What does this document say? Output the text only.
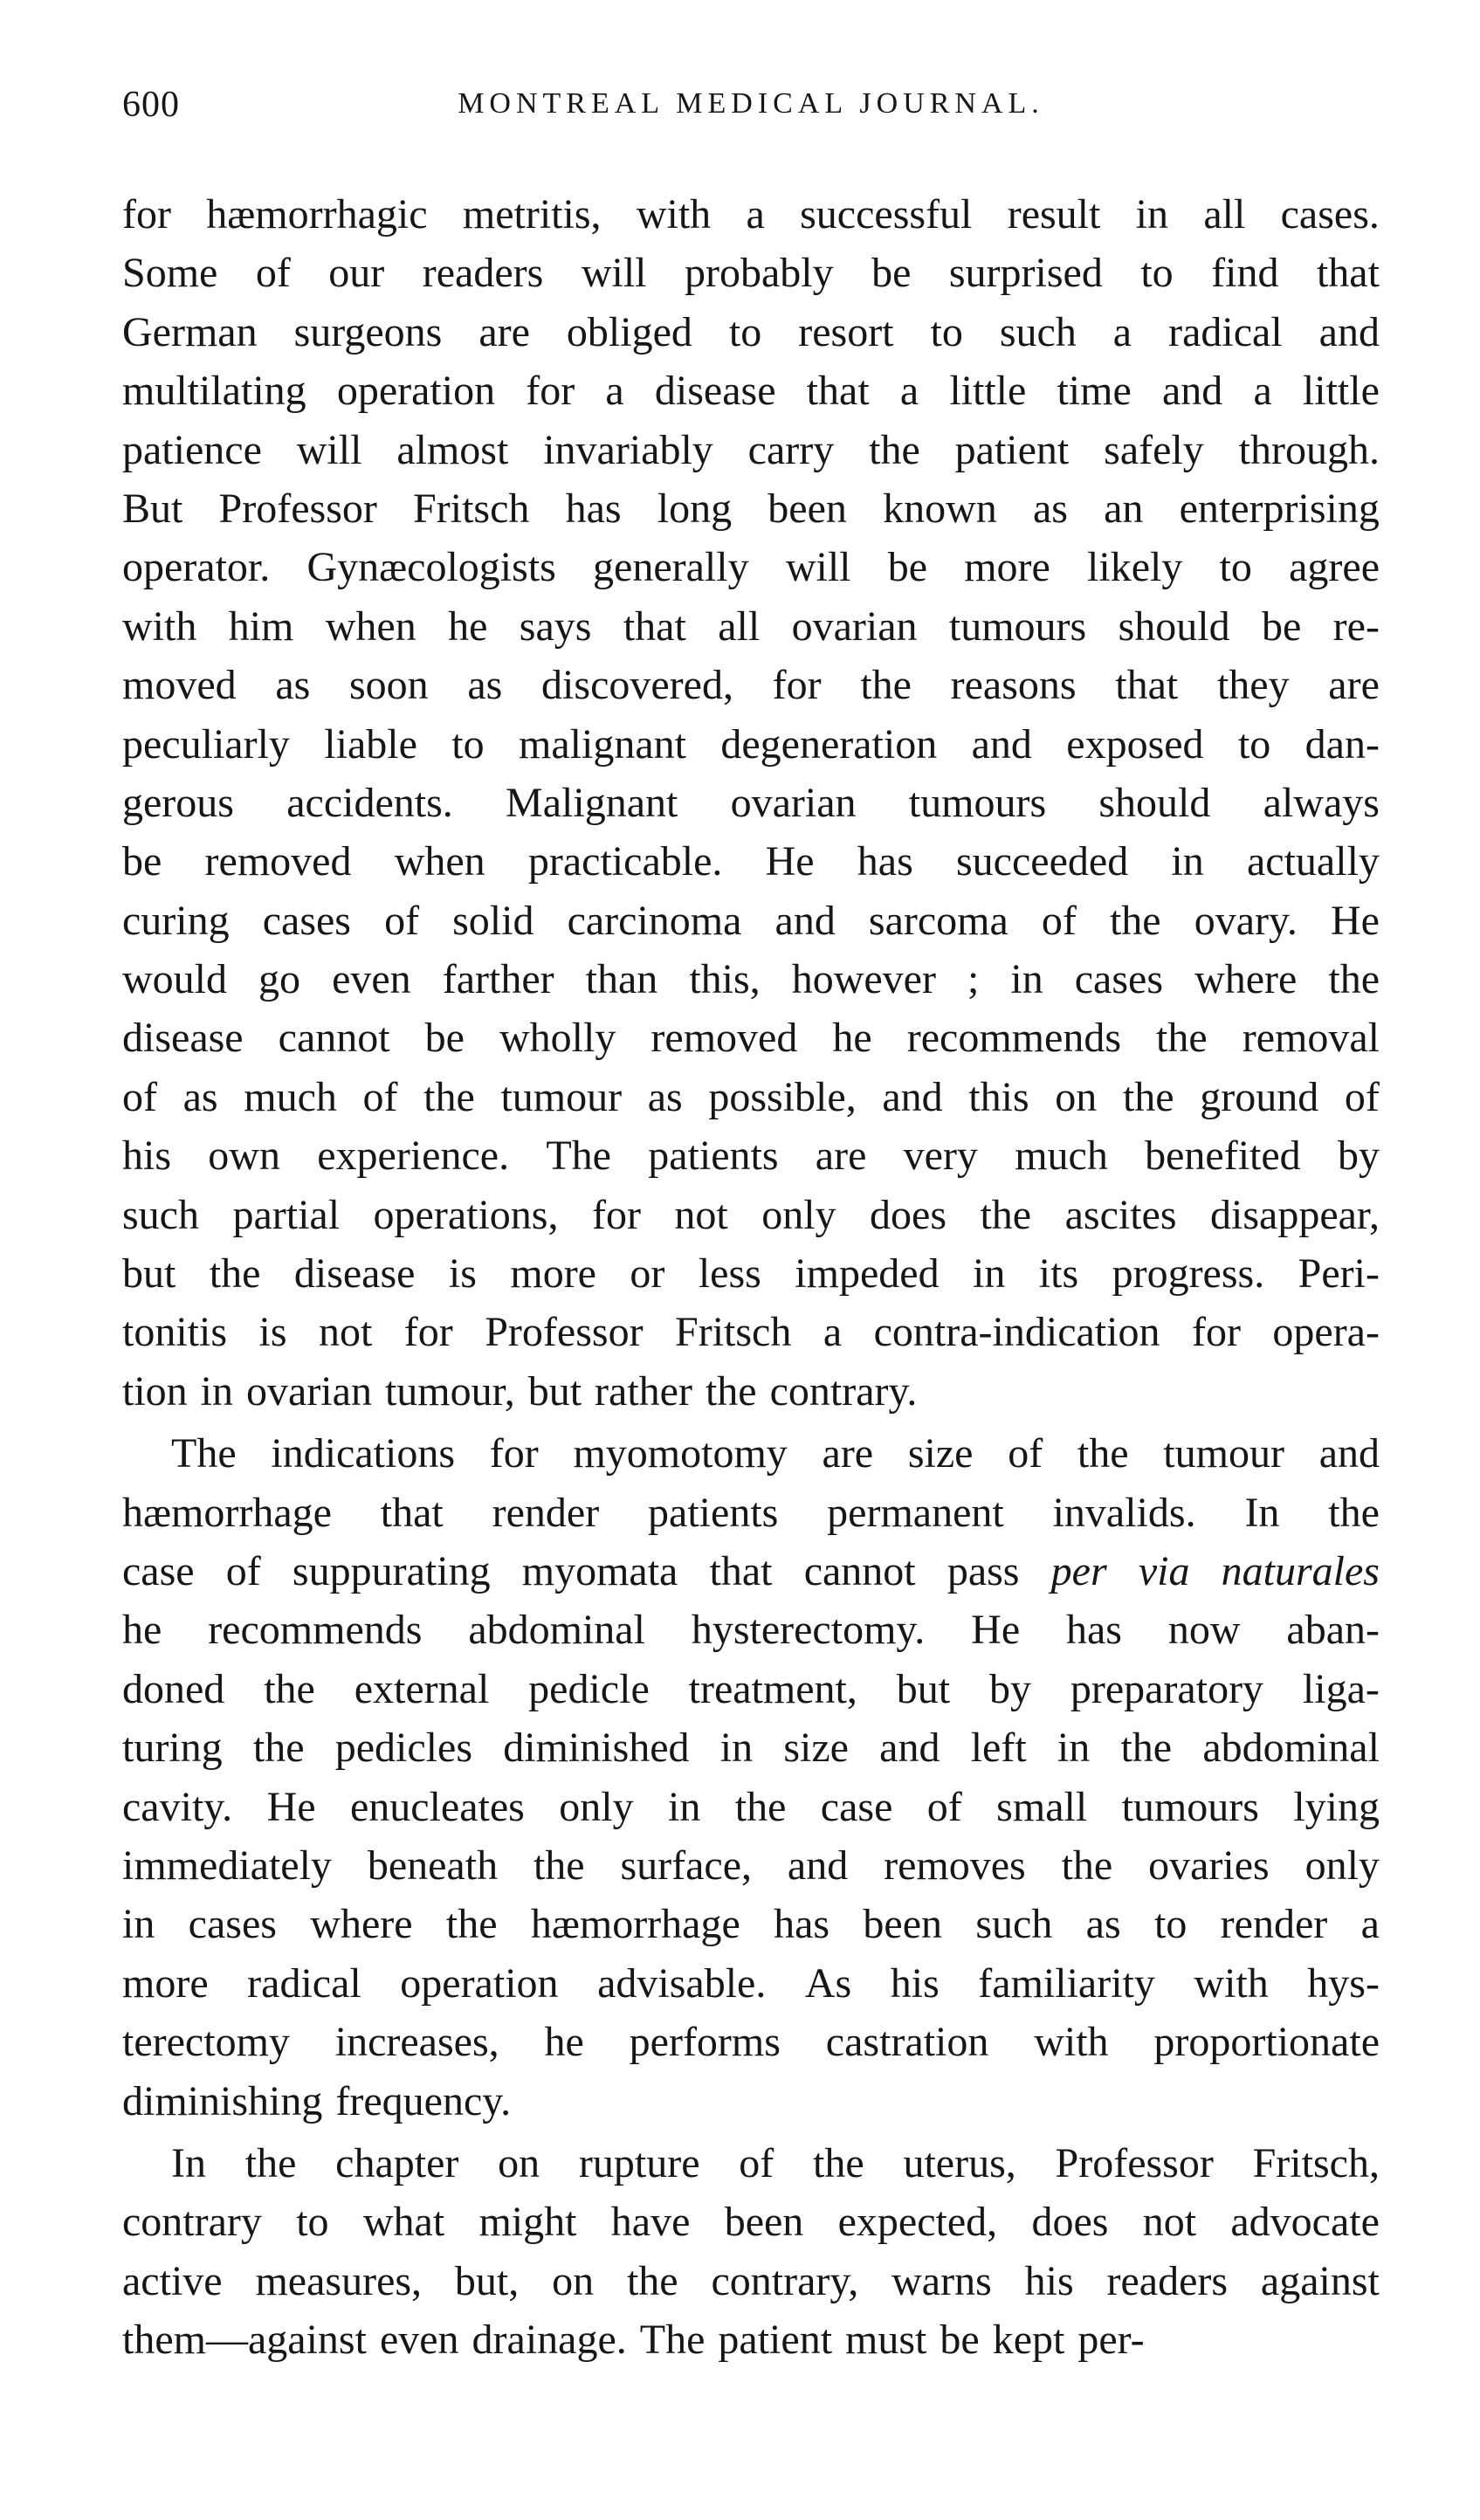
600	MONTREAL MEDICAL JOURNAL.
for hæmorrhagic metritis, with a successful result in all cases.
Some of our readers will probably be surprised to find that
German surgeons are obliged to resort to such a radical and
multilating operation for a disease that a little time and a little
patience will almost invariably carry the patient safely through.
But Professor Fritsch has long been known as an enterprising
operator. Gynæcologists generally will be more likely to agree
with him when he says that all ovarian tumours should be re-
moved as soon as discovered, for the reasons that they are
peculiarly liable to malignant degeneration and exposed to dan-
gerous accidents. Malignant ovarian tumours should always
be removed when practicable. He has succeeded in actually
curing cases of solid carcinoma and sarcoma of the ovary. He
would go even farther than this, however ; in cases where the
disease cannot be wholly removed he recommends the removal
of as much of the tumour as possible, and this on the ground of
his own experience. The patients are very much benefited by
such partial operations, for not only does the ascites disappear,
but the disease is more or less impeded in its progress. Peri-
tonitis is not for Professor Fritsch a contra-indication for opera-
tion in ovarian tumour, but rather the contrary.
The indications for myomotomy are size of the tumour and
hæmorrhage that render patients permanent invalids. In the
case of suppurating myomata that cannot pass per via naturales
he recommends abdominal hysterectomy. He has now aban-
doned the external pedicle treatment, but by preparatory liga-
turing the pedicles diminished in size and left in the abdominal
cavity. He enucleates only in the case of small tumours lying
immediately beneath the surface, and removes the ovaries only
in cases where the hæmorrhage has been such as to render a
more radical operation advisable. As his familiarity with hys-
terectomy increases, he performs castration with proportionate
diminishing frequency.
In the chapter on rupture of the uterus, Professor Fritsch,
contrary to what might have been expected, does not advocate
active measures, but, on the contrary, warns his readers against
them—against even drainage. The patient must be kept per-
